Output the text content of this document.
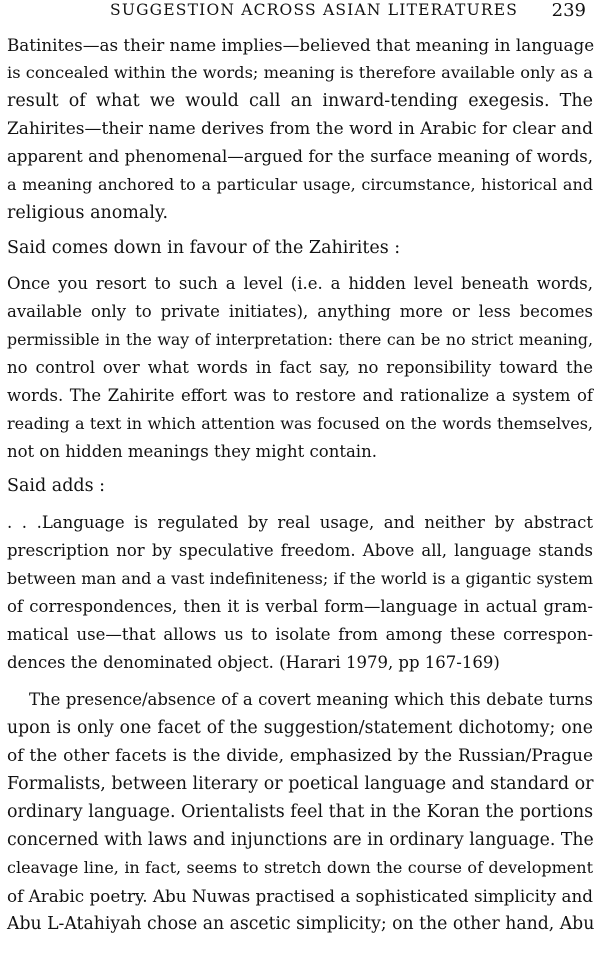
SUGGESTION ACROSS ASIAN LITERATURES 239
Batinites—as their name implies—believed that meaning in language
is concealed within the words; meaning is therefore available only as a
result of what we would call an inward-tending exegesis. The
Zahirites—their name derives from the word in Arabic for clear and
apparent and phenomenal—argued for the surface meaning of words,
a meaning anchored to a particular usage, circumstance, historical and
religious anomaly.
Said comes down in favour of the Zahirites :
Once you resort to such a level (i.e. a hidden level beneath words,
available only to private initiates), anything more or less becomes
permissible in the way of interpretation: there can be no strict meaning,
no control over what words in fact say, no reponsibility toward the
words. The Zahirite effort was to restore and rationalize a system of
reading a text in which attention was focused on the words themselves,
not on hidden meanings they might contain.
Said adds :
. . .Language is regulated by real usage, and neither by abstract
prescription nor by speculative freedom. Above all, language stands
between man and a vast indefiniteness; if the world is a gigantic system
of correspondences, then it is verbal form—language in actual gram-
matical use—that allows us to isolate from among these correspon-
dences the denominated object. (Harari 1979, pp 167-169)
The presence/absence of a covert meaning which this debate turns
upon is only one facet of the suggestion/statement dichotomy; one
of the other facets is the divide, emphasized by the Russian/Prague
Formalists, between literary or poetical language and standard or
ordinary language. Orientalists feel that in the Koran the portions
concerned with laws and injunctions are in ordinary language. The
cleavage line, in fact, seems to stretch down the course of development
of Arabic poetry. Abu Nuwas practised a sophisticated simplicity and
Abu L-Atahiyah chose an ascetic simplicity; on the other hand, Abu
